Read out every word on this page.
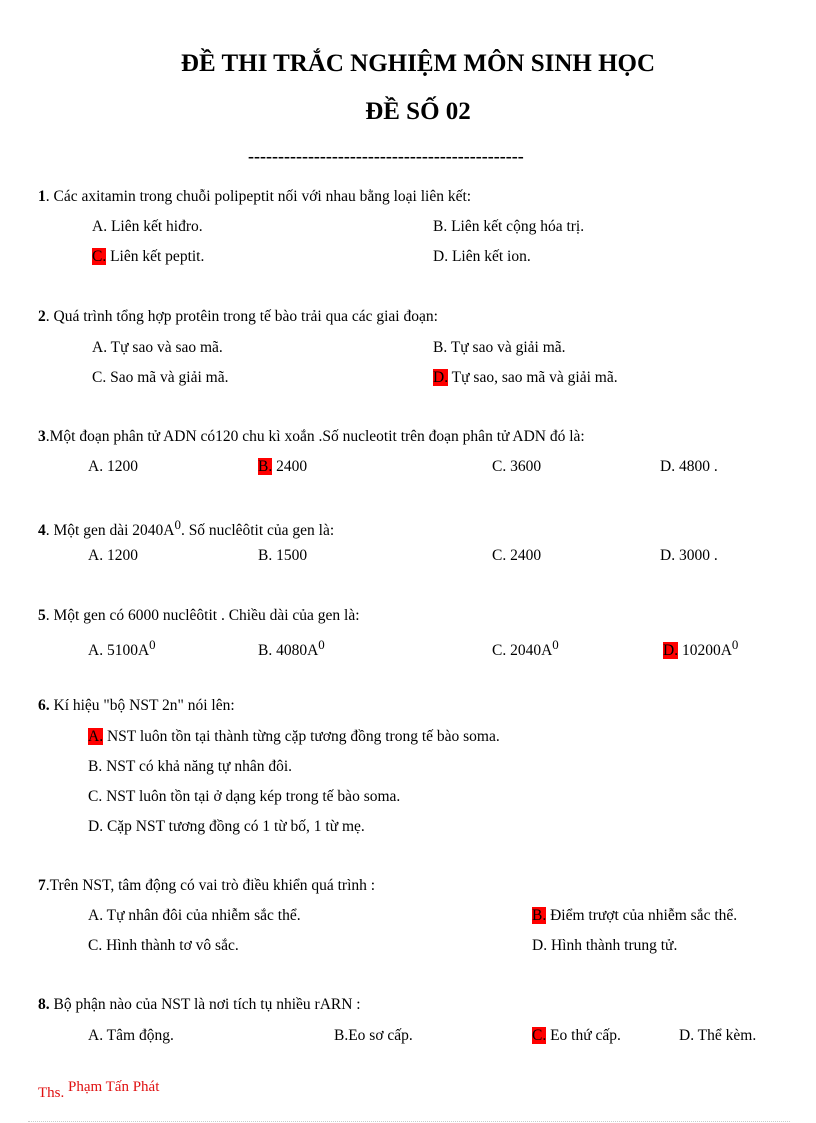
ĐỀ THI TRẮC NGHIỆM MÔN SINH HỌC
ĐỀ SỐ 02
----------------------------------------------
1. Các axitamin trong chuỗi polipeptit nối với nhau bằng loại liên kết:
A. Liên kết hiđro.	B. Liên kết cộng hóa trị.
C. Liên kết peptit.	D. Liên kết ion.
2. Quá trình tổng hợp protêin trong tế bào trải qua các giai đoạn:
A. Tự sao và sao mã.	B. Tự sao và giải mã.
C. Sao mã và giải mã.	D. Tự sao, sao mã và giải mã.
3.Một đoạn phân tử ADN có120 chu kì xoắn .Số nucleotit trên đoạn phân tử ADN đó là:
A. 1200	B. 2400	C. 3600	D. 4800 .
4. Một gen dài $2040A^0$. Số nuclêôtit của gen là:
A. 1200	B. 1500	C. 2400	D. 3000 .
5. Một gen có 6000 nuclêôtit . Chiều dài của gen là:
A. $5100A^0$	B. $4080A^0$	C. $2040A^0$	D. $10200A^0$
6. Kí hiệu "bộ NST 2n" nói lên:
A. NST luôn tồn tại thành từng cặp tương đồng trong tế bào soma.
B. NST có khả năng tự nhân đôi.
C. NST luôn tồn tại ở dạng kép trong tế bào soma.
D. Cặp NST tương đồng có 1 từ bố, 1 từ mẹ.
7.Trên NST, tâm động có vai trò điều khiển quá trình :
A. Tự nhân đôi của nhiễm sắc thể.	B. Điểm trượt của nhiễm sắc thể.
C. Hình thành tơ vô sắc.	D. Hình thành trung tử.
8. Bộ phận nào của NST là nơi tích tụ nhiều rARN :
A. Tâm động.	B.Eo sơ cấp.	C. Eo thứ cấp.	D. Thể kèm.
Ths. Phạm Tấn Phát
